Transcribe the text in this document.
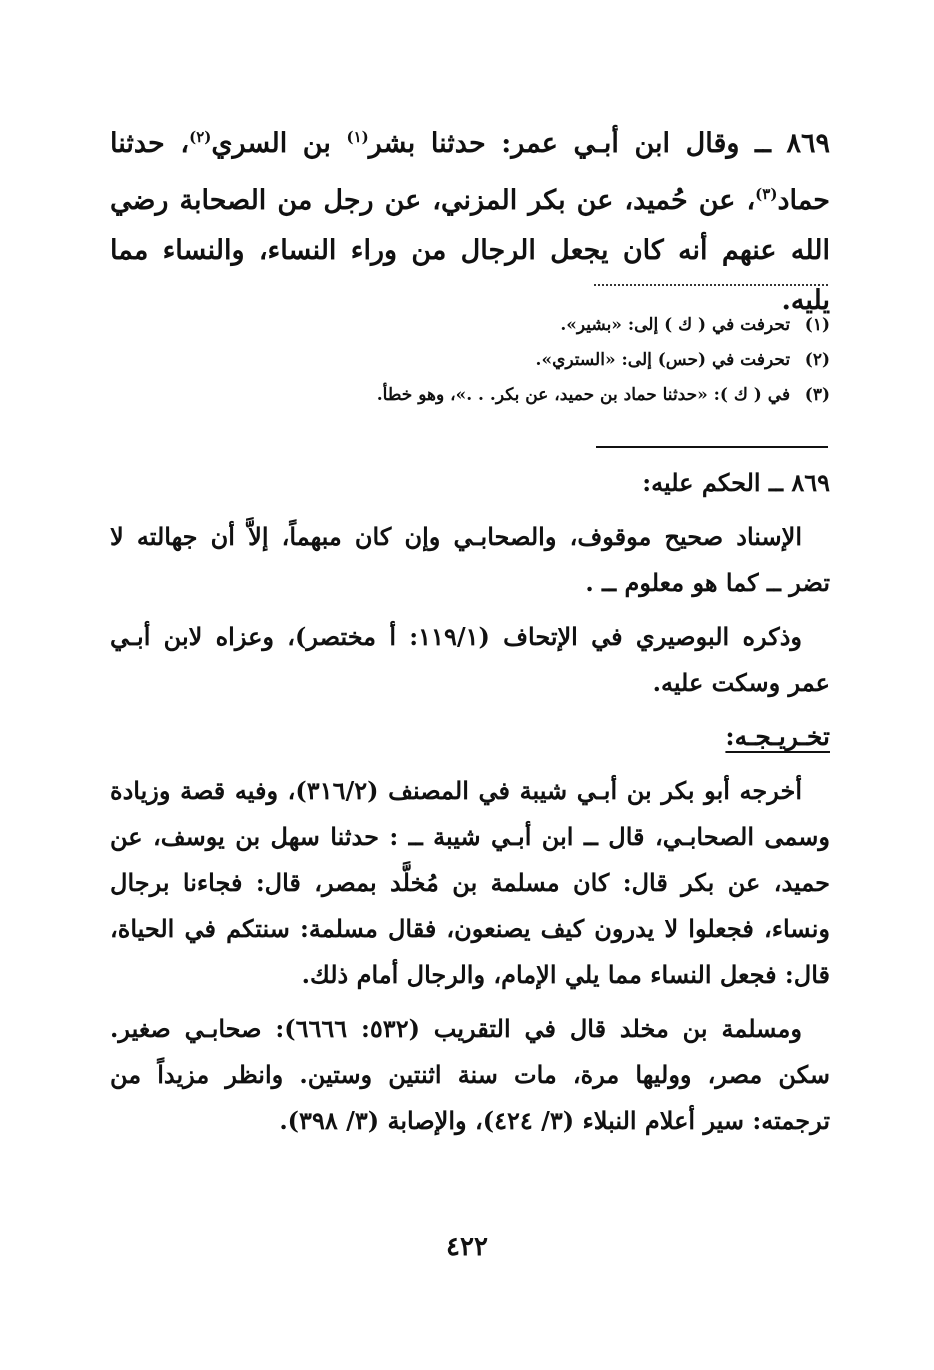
٨٦٩ ــ وقال ابن أبـي عمر: حدثنا بشر$^{(١)}$ بن السري$^{(٢)}$، حدثنا حماد$^{(٣)}$، عن حُميد، عن بكر المزني، عن رجل من الصحابة رضي الله عنهم أنه كان يجعل الرجال من وراء النساء، والنساء مما يليه.
(١) تحرفت في ( ك ) إلى: «بشير».
(٢) تحرفت في (حس) إلى: «الستري».
(٣) في ( ك ): «حدثنا حماد بن حميد، عن بكر. . .»، وهو خطأ.

٨٦٩ ــ الحكم عليه:

الإسناد صحيح موقوف، والصحابـي وإن كان مبهماً، إلاَّ أن جهالته لا تضر ــ كما هو معلوم ــ .

وذكره البوصيري في الإتحاف (١١٩/١: أ مختصر)، وعزاه لابن أبـي عمر وسكت عليه.

تخـريـجـه:

أخرجه أبو بكر بن أبـي شيبة في المصنف (٣١٦/٢)، وفيه قصة وزيادة وسمى الصحابـي، قال ــ ابن أبـي شيبة ــ : حدثنا سهل بن يوسف، عن حميد، عن بكر قال: كان مسلمة بن مُخلَّد بمصر، قال: فجاءنا برجال ونساء، فجعلوا لا يدرون كيف يصنعون، فقال مسلمة: سنتكم في الحياة، قال: فجعل النساء مما يلي الإمام، والرجال أمام ذلك.

ومسلمة بن مخلد قال في التقريب (٥٣٢: ٦٦٦٦): صحابـي صغير. سكن مصر، ووليها مرة، مات سنة اثنتين وستين. وانظر مزيداً من ترجمته: سير أعلام النبلاء (٣/ ٤٢٤)، والإصابة (٣/ ٣٩٨).

٤٢٢
